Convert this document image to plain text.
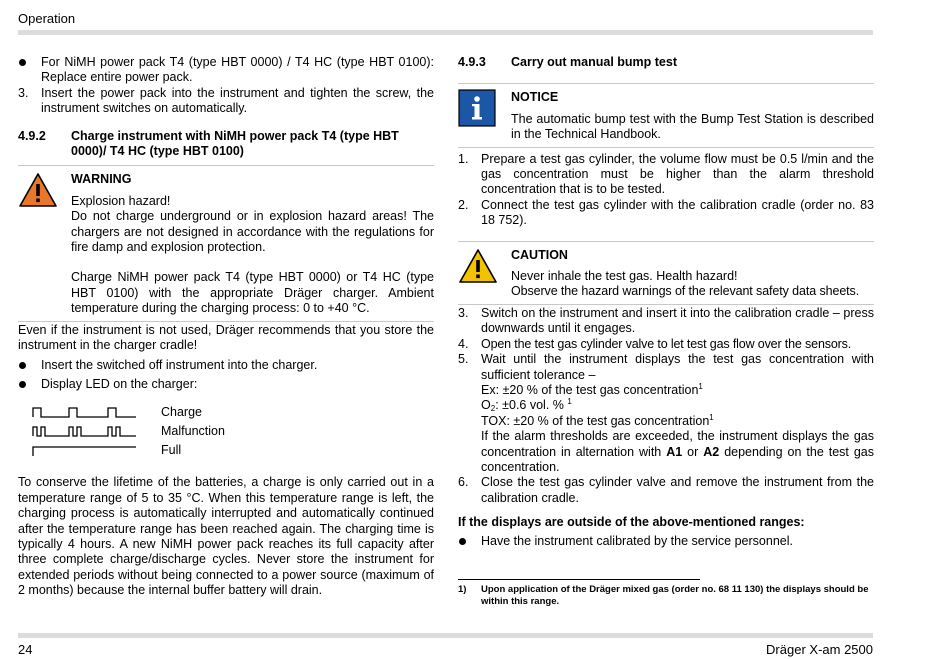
Operation
For NiMH power pack T4 (type HBT 0000) / T4 HC (type HBT 0100): Replace entire power pack.
3. Insert the power pack into the instrument and tighten the screw, the instrument switches on automatically.
4.9.2 Charge instrument with NiMH power pack T4 (type HBT 0000)/ T4 HC (type HBT 0100)
WARNING

Explosion hazard!

Do not charge underground or in explosion hazard areas! The chargers are not designed in accordance with the regulations for fire damp and explosion protection.

Charge NiMH power pack T4 (type HBT 0000) or T4 HC (type HBT 0100) with the appropriate Dräger charger. Ambient temperature during the charging process: 0 to +40 °C.

Even if the instrument is not used, Dräger recommends that you store the instrument in the charger cradle!

Insert the switched off instrument into the charger.
Display LED on the charger:
Charge
Malfunction
Full

To conserve the lifetime of the batteries, a charge is only carried out in a temperature range of 5 to 35 °C. When this temperature range is left, the charging process is automatically interrupted and automatically continued after the temperature range has been reached again. The charging time is typically 4 hours. A new NiMH power pack reaches its full capacity after three complete charge/discharge cycles. Never store the instrument for extended periods without being connected to a power source (maximum of 2 months) because the internal buffer battery will drain.

4.9.3 Carry out manual bump test
NOTICE

The automatic bump test with the Bump Test Station is described in the Technical Handbook.

1. Prepare a test gas cylinder, the volume flow must be 0.5 l/min and the gas concentration must be higher than the alarm threshold concentration that is to be tested.
2. Connect the test gas cylinder with the calibration cradle (order no. 83 18 752).
CAUTION

Never inhale the test gas. Health hazard!

Observe the hazard warnings of the relevant safety data sheets.

3. Switch on the instrument and insert it into the calibration cradle – press downwards until it engages.
4. Open the test gas cylinder valve to let test gas flow over the sensors.
5. Wait until the instrument displays the test gas concentration with sufficient tolerance –
Ex: ±20 % of the test gas concentration$^1$
$O_2$: ±0.6 vol. % $^1$
TOX: ±20 % of the test gas concentration$^1$
If the alarm thresholds are exceeded, the instrument displays the gas concentration in alternation with A1 or A2 depending on the test gas concentration.
6. Close the test gas cylinder valve and remove the instrument from the calibration cradle.

If the displays are outside of the above-mentioned ranges:

Have the instrument calibrated by the service personnel.
1) Upon application of the Dräger mixed gas (order no. 68 11 130) the displays should be within this range.
24	Dräger X-am 2500
